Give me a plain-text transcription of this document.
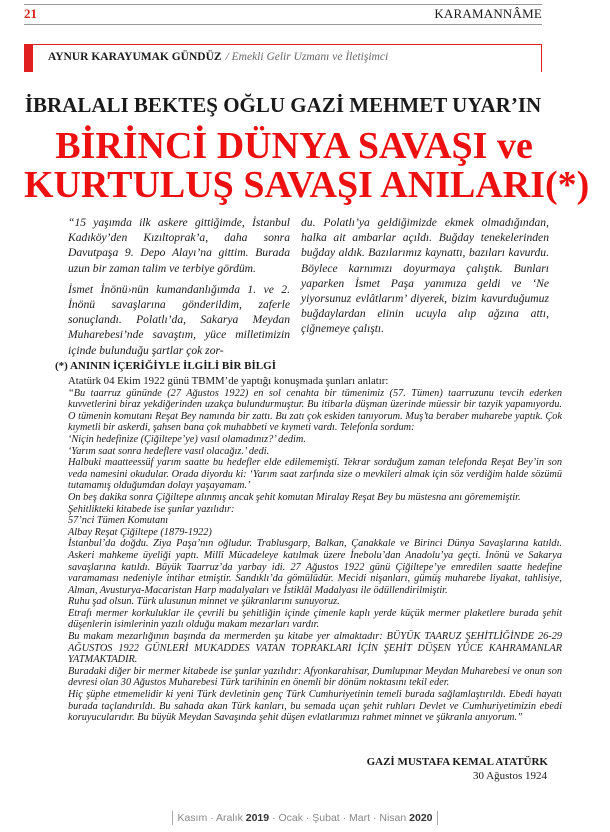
21	KARAMANNÂME
AYNUR KARAYUMAK GÜNDÜZ / Emekli Gelir Uzmanı ve İletişimci
İBRALALI BEKTEŞ OĞLU GAZİ MEHMET UYAR’IN
BİRİNCİ DÜNYA SAVAŞI ve
KURTULUŞ SAVAŞI ANILARI(*)

“15 yaşımda ilk askere gittiğimde, İstanbul Kadıköy’den Kızıltoprak’a, daha sonra Davutpaşa 9. Depo Alayı’na gittim. Burada uzun bir zaman talim ve terbiye gördüm.

İsmet İnönü›nün kumandanlığımda 1. ve 2. İnönü savaşlarına gönderildim, zaferle sonuçlandı. Polatlı’da, Sakarya Meydan Muharebesi’nde savaştım, yüce milletimizin içinde bulunduğu şartlar çok zor-

du. Polatlı’ya geldiğimizde ekmek olmadığından, halka ait ambarlar açıldı. Buğday tenekelerinden buğday aldık. Bazılarımız kaynattı, bazıları kavurdu. Böylece karnımızı doyurmaya çalıştık. Bunları yaparken İsmet Paşa yanımıza geldi ve ‘Ne yiyorsunuz evlâtlarım’ diyerek, bizim kavurduğumuz buğdaylardan elinin ucuyla alıp ağzına attı, çiğnemeye çalıştı.

(*) ANININ İÇERİĞİYLE İLGİLİ BİR BİLGİ

Atatürk 04 Ekim 1922 günü TBMM’de yaptığı konuşmada şunları anlatır:

“Bu taarruz gününde (27 Ağustos 1922) en sol cenahta bir tümenimiz (57. Tümen) taarruzunu tevcih ederken kuvvetlerini biraz yekdiğerinden uzakça bulundurmuştur. Bu itibarla düşman üzerinde müessir bir tazyik yapamıyordu. O tümenin komutanı Reşat Bey namında bir zattı. Bu zatı çok eskiden tanıyorum. Muş’ta beraber muharebe yaptık. Çok kıymetli bir askerdi, şahsen bana çok muhabbeti ve kıymeti vardı. Telefonla sordum:

‘Niçin hedefinize (Çiğiltepe’ye) vasıl olamadınız?’ dedim.

‘Yarım saat sonra hedeflere vasıl olacağız.’ dedi.

Halbuki maatteessüf yarım saatte bu hedefler elde edilememişti. Tekrar sorduğum zaman telefonda Reşat Bey’in son veda namesini okudular. Orada diyordu ki: ‘Yarım saat zarfında size o mevkileri almak için söz verdiğim halde sözümü tutamamış olduğumdan dolayı yaşayamam.’

On beş dakika sonra Çiğiltepe alınmış ancak şehit komutan Miralay Reşat Bey bu müstesna anı görememiştir.

Şehitlikteki kitabede ise şunlar yazılıdır:

57’nci Tümen Komutanı

Albay Reşat Çiğiltepe (1879-1922)

İstanbul’da doğdu. Ziya Paşa’nın oğludur. Trablusgarp, Balkan, Çanakkale ve Birinci Dünya Savaşlarına katıldı. Askeri mahkeme üyeliği yaptı. Millî Mücadeleye katılmak üzere İnebolu’dan Anadolu’ya geçti. İnönü ve Sakarya savaşlarına katıldı. Büyük Taarruz’da yarbay idi. 27 Ağustos 1922 günü Çiğiltepe’ye emredilen saatte hedefine varamaması nedeniyle intihar etmiştir. Sandıklı’da gömülüdür. Mecidi nişanları, gümüş muharebe liyakat, tahlisiye, Alman, Avusturya-Macaristan Harp madalyaları ve İstiklâl Madalyası ile ödüllendirilmiştir.

Ruhu şad olsun. Türk ulusunun minnet ve şükranlarını sunuyoruz.

Etrafı mermer korkuluklar ile çevrili bu şehitliğin içinde çimenle kaplı yerde küçük mermer plaketlere burada şehit düşenlerin isimlerinin yazılı olduğu makam mezarları vardır.

Bu makam mezarlığının başında da mermerden şu kitabe yer almaktadır: BÜYÜK TAARUZ ŞEHİTLİĞİNDE 26-29 AĞUSTOS 1922 GÜNLERİ MUKADDES VATAN TOPRAKLARI İÇİN ŞEHİT DÜŞEN YÜCE KAHRAMANLAR YATMAKTADIR.

Buradaki diğer bir mermer kitabede ise şunlar yazılıdır: Afyonkarahisar, Dumlupınar Meydan Muharebesi ve onun son devresi olan 30 Ağustos Muharebesi Türk tarihinin en önemli bir dönüm noktasını tekil eder.

Hiç şüphe etmemelidir ki yeni Türk devletinin genç Türk Cumhuriyetinin temeli burada sağlamlaştırıldı. Ebedi hayatı burada taçlandırıldı. Bu sahada akan Türk kanları, bu semada uçan şehit ruhları Devlet ve Cumhuriyetimizin ebedi koruyucularıdır. Bu büyük Meydan Savaşında şehit düşen evlatlarımızı rahmet minnet ve şükranla anıyorum.”

GAZİ MUSTAFA KEMAL ATATÜRK
30 Ağustos 1924
Kasım · Aralık 2019 · Ocak · Şubat · Mart · Nisan 2020
